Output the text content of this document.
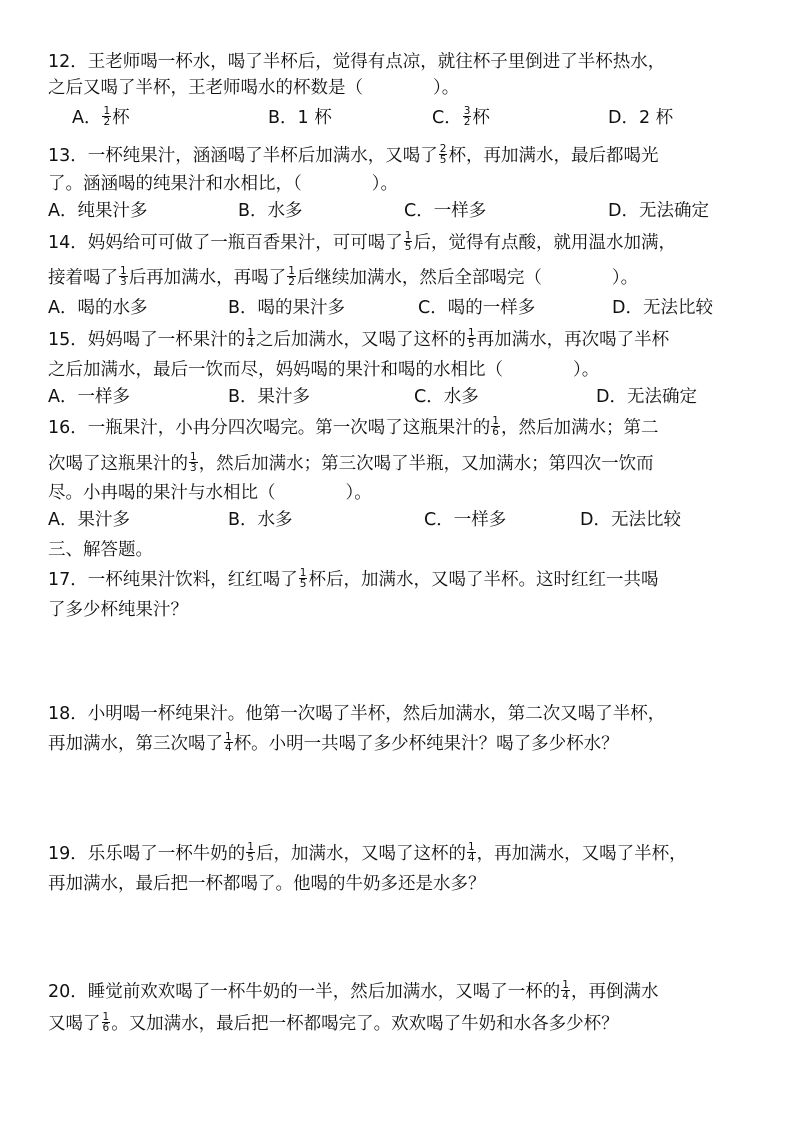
12．王老师喝一杯水，喝了半杯后，觉得有点凉，就往杯子里倒进了半杯热水，
之后又喝了半杯，王老师喝水的杯数是（　　　　）。
A． $\frac{1}{2}$ 杯	B．1 杯	C． $\frac{3}{2}$ 杯	D．2 杯
13．一杯纯果汁，涵涵喝了半杯后加满水，又喝了 $\frac{2}{5}$ 杯，再加满水，最后都喝光
了。涵涵喝的纯果汁和水相比，（　　　　）。
A．纯果汁多	B．水多	C．一样多	D．无法确定
14．妈妈给可可做了一瓶百香果汁，可可喝了 $\frac{1}{5}$ 后，觉得有点酸，就用温水加满，
接着喝了 $\frac{1}{3}$ 后再加满水，再喝了 $\frac{1}{2}$ 后继续加满水，然后全部喝完（　　　　）。
A．喝的水多	B．喝的果汁多	C．喝的一样多	D．无法比较
15．妈妈喝了一杯果汁的 $\frac{1}{4}$ 之后加满水，又喝了这杯的 $\frac{1}{5}$ 再加满水，再次喝了半杯
之后加满水，最后一饮而尽，妈妈喝的果汁和喝的水相比（　　　　）。
A．一样多	B．果汁多	C．水多	D．无法确定
16．一瓶果汁，小冉分四次喝完。第一次喝了这瓶果汁的 $\frac{1}{6}$ ，然后加满水；第二
次喝了这瓶果汁的 $\frac{1}{3}$ ，然后加满水；第三次喝了半瓶，又加满水；第四次一饮而
尽。小冉喝的果汁与水相比（　　　　）。
A．果汁多	B．水多	C．一样多	D．无法比较
三、解答题。
17．一杯纯果汁饮料，红红喝了 $\frac{1}{5}$ 杯后，加满水，又喝了半杯。这时红红一共喝
了多少杯纯果汁？
18．小明喝一杯纯果汁。他第一次喝了半杯，然后加满水，第二次又喝了半杯，
再加满水，第三次喝了 $\frac{1}{4}$ 杯。小明一共喝了多少杯纯果汁？喝了多少杯水？
19．乐乐喝了一杯牛奶的 $\frac{1}{5}$ 后，加满水，又喝了这杯的 $\frac{1}{4}$ ，再加满水，又喝了半杯，
再加满水，最后把一杯都喝了。他喝的牛奶多还是水多？
20．睡觉前欢欢喝了一杯牛奶的一半，然后加满水，又喝了一杯的 $\frac{1}{4}$ ，再倒满水
又喝了 $\frac{1}{6}$ 。又加满水，最后把一杯都喝完了。欢欢喝了牛奶和水各多少杯？
